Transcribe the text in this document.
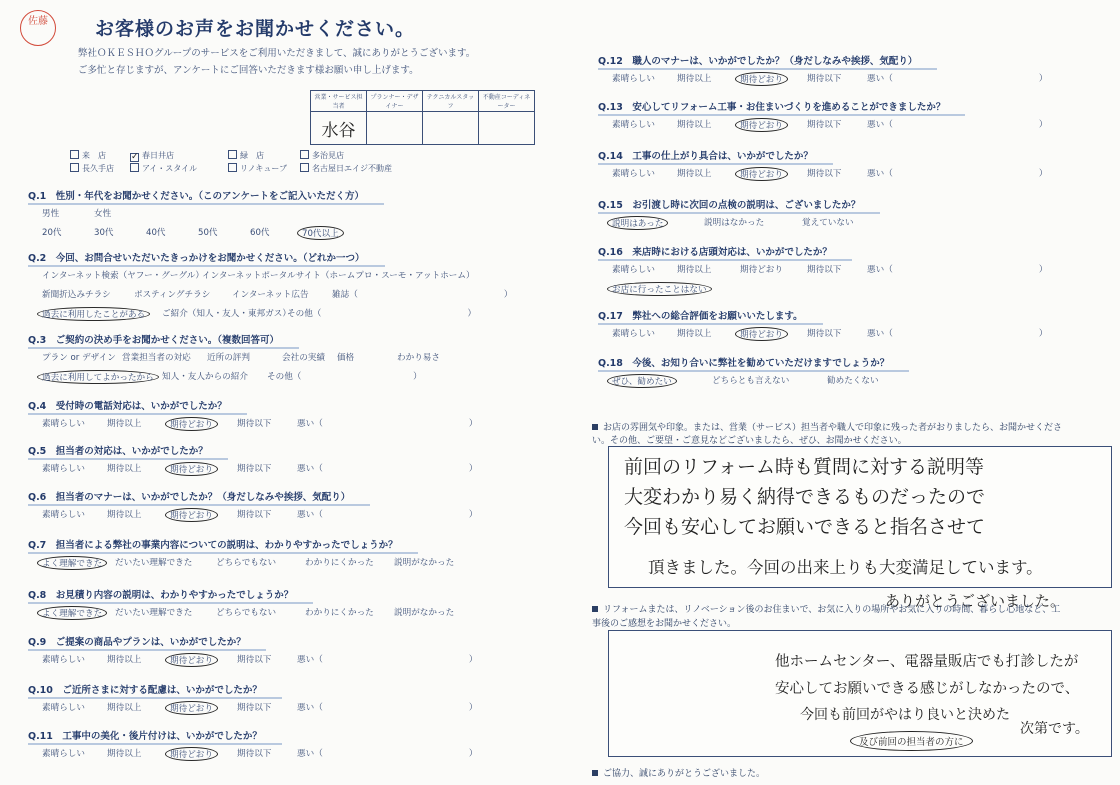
佐藤	お客様のお声をお聞かせください。
弊社ＯＫＥＳＨＯグループのサービスをご利用いただきまして、誠にありがとうございます。
ご多忙と存じますが、アンケートにご回答いただきます様お願い申し上げます。
営業・サービス担当者	プランナー・デザイナー	テクニカルスタッフ	不動産コーディネーター
水谷			
来　店	✓ 春日井店	緑　店	多治見店
長久手店	アイ・スタイル	リノキューブ	名古屋日エイジ不動産
Q.1　性別・年代をお聞かせください。（このアンケートをご記入いただく方）
男性	女性
20代	30代	40代	50代	60代	70代以上
Q.2　今回、お問合せいただいたきっかけをお聞かせください。（どれか一つ）
インターネット検索（ヤフー・グーグル）
インターネットポータルサイト（ホームプロ・スーモ・アットホーム）
新聞折込みチラシ	ポスティングチラシ	インターネット広告	雑誌（　　　　　　　　　　　　　　　　　）
過去に利用したことがある	ご紹介（知人・友人・東邦ガス）
その他（　　　　　　　　　　　　　　　　　）
Q.3　ご契約の決め手をお聞かせください。（複数回答可）
プラン or デザイン 営業担当者の対応 近所の評判	会社の実績 価格	わかり易さ
過去に利用してよかったから 知人・友人からの紹介 その他（　　　　　　　　　　　　　）
Q.4　受付時の電話対応は、いかがでしたか？
素晴らしい	期待以上	期待どおり	期待以下	悪い（　　　　　　　　　　　　　　　　　）
Q.5　担当者の対応は、いかがでしたか？
素晴らしい	期待以上	期待どおり	期待以下	悪い（　　　　　　　　　　　　　　　　　）
Q.6　担当者のマナーは、いかがでしたか？（身だしなみや挨拶、気配り）
素晴らしい	期待以上	期待どおり	期待以下	悪い（　　　　　　　　　　　　　　　　　）
Q.7　担当者による弊社の事業内容についての説明は、わかりやすかったでしょうか？
よく理解できた	だいたい理解できた	どちらでもない	わかりにくかった 説明がなかった
Q.8　お見積り内容の説明は、わかりやすかったでしょうか？
よく理解できた	だいたい理解できた	どちらでもない	わかりにくかった 説明がなかった
Q.9　ご提案の商品やプランは、いかがでしたか？
素晴らしい	期待以上	期待どおり	期待以下	悪い（　　　　　　　　　　　　　　　　　）
Q.10　ご近所さまに対する配慮は、いかがでしたか？
素晴らしい	期待以上	期待どおり	期待以下	悪い（　　　　　　　　　　　　　　　　　）
Q.11　工事中の美化・後片付けは、いかがでしたか？
素晴らしい	期待以上	期待どおり	期待以下	悪い（　　　　　　　　　　　　　　　　　）
Q.12　職人のマナーは、いかがでしたか？（身だしなみや挨拶、気配り）
素晴らしい	期待以上	期待どおり	期待以下	悪い（　　　　　　　　　　　　　　　　　）
Q.13　安心してリフォーム工事・お住まいづくりを進めることができましたか？
素晴らしい	期待以上	期待どおり	期待以下	悪い（　　　　　　　　　　　　　　　　　）
Q.14　工事の仕上がり具合は、いかがでしたか？
素晴らしい	期待以上	期待どおり	期待以下	悪い（　　　　　　　　　　　　　　　　　）
Q.15　お引渡し時に次回の点検の説明は、ございましたか？
説明はあった	説明はなかった	覚えていない
Q.16　来店時における店頭対応は、いかがでしたか？
素晴らしい	期待以上	期待どおり	期待以下	悪い（　　　　　　　　　　　　　　　　　）
お店に行ったことはない
Q.17　弊社への総合評価をお願いいたします。
素晴らしい	期待以上	期待どおり	期待以下	悪い（　　　　　　　　　　　　　　　　　）
Q.18　今後、お知り合いに弊社を勧めていただけますでしょうか？
ぜひ、勧めたい	どちらとも言えない	勧めたくない
お店の雰囲気や印象。または、営業（サービス）担当者や職人で印象に残った者がおりましたら、お聞かせください。その他、ご要望・ご意見などございましたら、ぜひ、お聞かせください。
前回のリフォーム時も質問に対する説明等
大変わかり易く納得できるものだったので
今回も安心してお願いできると指名させて
頂きました。今回の出来上りも大変満足しています。
ありがとうございました。
リフォームまたは、リノベーション後のお住まいで、お気に入りの場所やお気に入りの時間、暮らし心地など、工事後のご感想をお聞かせください。
他ホームセンター、電器量販店でも打診したが
安心してお願いできる感じがしなかったので、
今回も前回がやはり良いと決めた
次第です。
及び前回の担当者の方に
ご協力、誠にありがとうございました。
